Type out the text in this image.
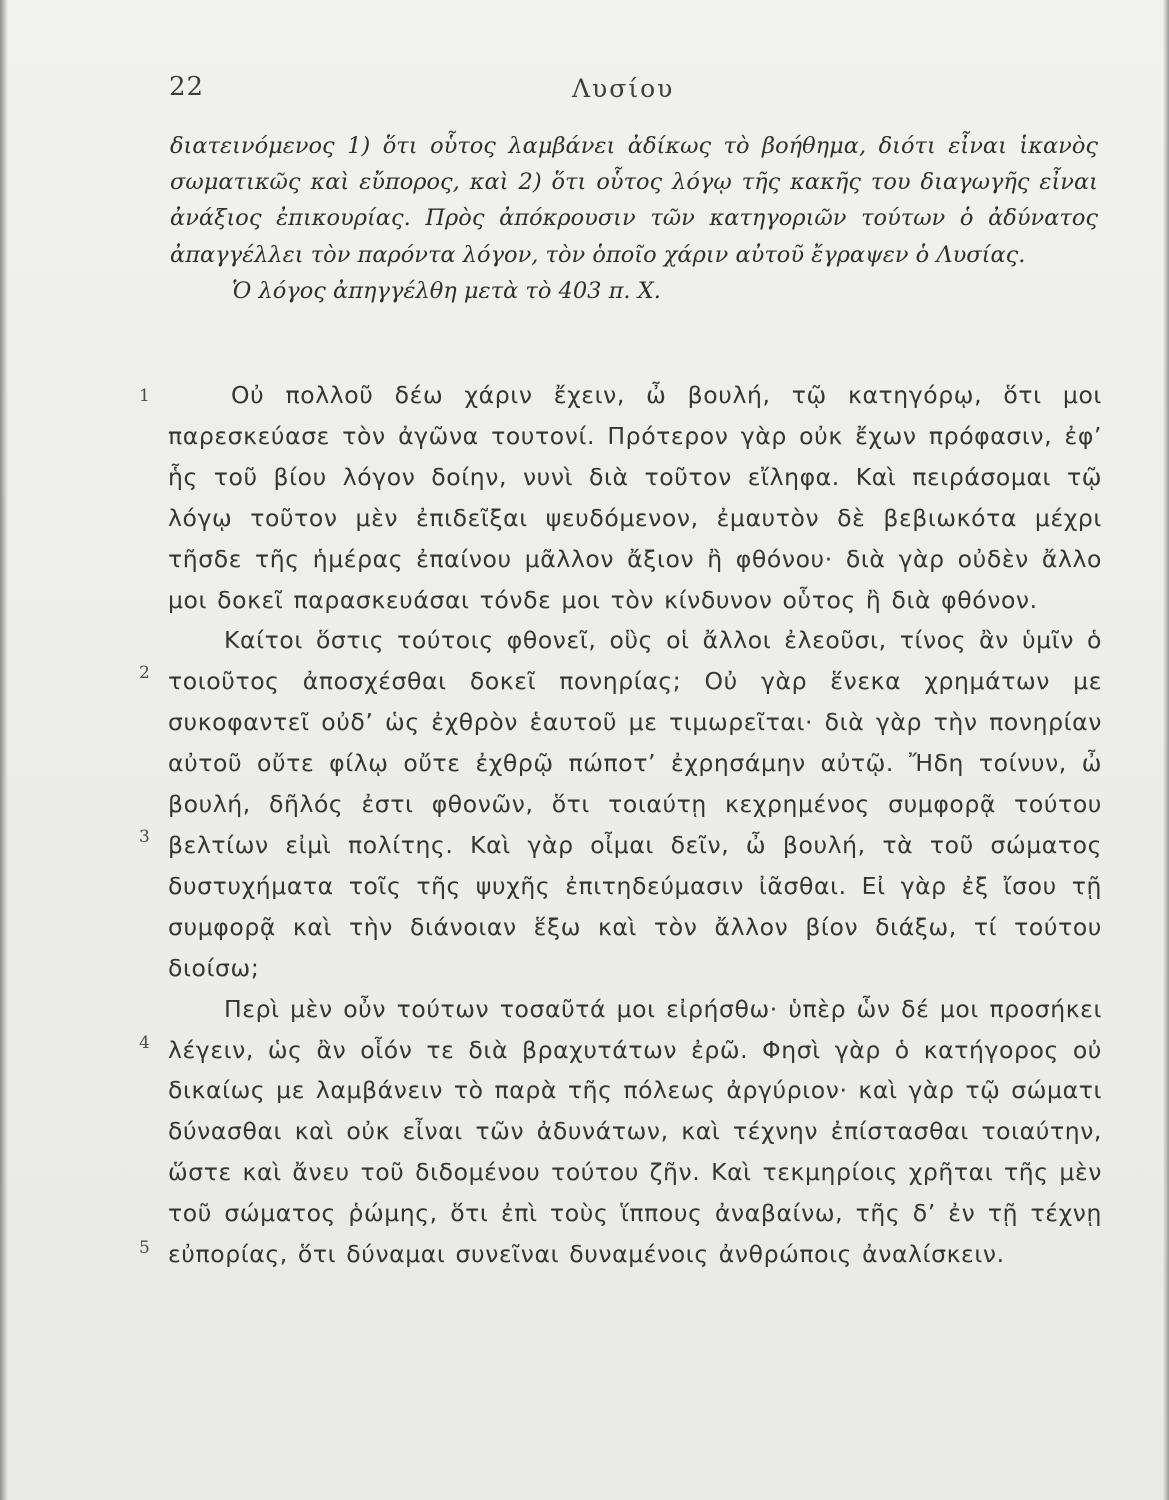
22	Λυσίου

διατεινόμενος 1) ὅτι οὗτος λαμβάνει ἀδίκως τὸ βοήθημα, διότι εἶναι ἱκανὸς σωματικῶς καὶ εὔπορος, καὶ 2) ὅτι οὗτος λόγῳ τῆς κακῆς του διαγωγῆς εἶναι ἀνάξιος ἐπικουρίας. Πρὸς ἀπόκρουσιν τῶν κατηγοριῶν τούτων ὁ ἀδύνατος ἀπαγγέλλει τὸν παρόντα λόγον, τὸν ὁποῖο χάριν αὐτοῦ ἔγραψεν ὁ Λυσίας.

Ὁ λόγος ἀπηγγέλθη μετὰ τὸ 403 π. Χ.

1
2
3
4
5

Οὐ πολλοῦ δέω χάριν ἔχειν, ὦ βουλή, τῷ κατηγόρῳ, ὅτι μοι παρεσκεύασε τὸν ἀγῶνα τουτονί. Πρότερον γὰρ οὐκ ἔχων πρόφασιν, ἐφ’ ἧς τοῦ βίου λόγον δοίην, νυνὶ διὰ τοῦτον εἴληφα. Καὶ πειράσομαι τῷ λόγῳ τοῦτον μὲν ἐπιδεῖξαι ψευδόμενον, ἐμαυτὸν δὲ βεβιωκότα μέχρι τῆσδε τῆς ἡμέρας ἐπαίνου μᾶλλον ἄξιον ἢ φθόνου· διὰ γὰρ οὐδὲν ἄλλο μοι δοκεῖ παρασκευάσαι τόνδε μοι τὸν κίνδυνον οὗτος ἢ διὰ φθόνον.

Καίτοι ὅστις τούτοις φθονεῖ, οὓς οἱ ἄλλοι ἐλεοῦσι, τίνος ἂν ὑμῖν ὁ τοιοῦτος ἀποσχέσθαι δοκεῖ πονηρίας; Οὐ γὰρ ἕνεκα χρημάτων με συκοφαντεῖ οὐδ’ ὡς ἐχθρὸν ἑαυτοῦ με τιμωρεῖται· διὰ γὰρ τὴν πονηρίαν αὐτοῦ οὔτε φίλῳ οὔτε ἐχθρῷ πώποτ’ ἐχρησάμην αὐτῷ. Ἤδη τοίνυν, ὦ βουλή, δῆλός ἐστι φθονῶν, ὅτι τοιαύτῃ κεχρημένος συμφορᾷ τούτου βελτίων εἰμὶ πολίτης. Καὶ γὰρ οἶμαι δεῖν, ὦ βουλή, τὰ τοῦ σώματος δυστυχήματα τοῖς τῆς ψυχῆς ἐπιτηδεύμασιν ἰᾶσθαι. Εἰ γὰρ ἐξ ἴσου τῇ συμφορᾷ καὶ τὴν διάνοιαν ἕξω καὶ τὸν ἄλλον βίον διάξω, τί τούτου διοίσω;

Περὶ μὲν οὖν τούτων τοσαῦτά μοι εἰρήσθω· ὑπὲρ ὧν δέ μοι προσήκει λέγειν, ὡς ἂν οἷόν τε διὰ βραχυτάτων ἐρῶ. Φησὶ γὰρ ὁ κατήγορος οὐ δικαίως με λαμβάνειν τὸ παρὰ τῆς πόλεως ἀργύριον· καὶ γὰρ τῷ σώματι δύνασθαι καὶ οὐκ εἶναι τῶν ἀδυνάτων, καὶ τέχνην ἐπίστασθαι τοιαύτην, ὥστε καὶ ἄνευ τοῦ διδομένου τούτου ζῆν. Καὶ τεκμηρίοις χρῆται τῆς μὲν τοῦ σώματος ῥώμης, ὅτι ἐπὶ τοὺς ἵππους ἀναβαίνω, τῆς δ’ ἐν τῇ τέχνῃ εὐπορίας, ὅτι δύναμαι συνεῖναι δυναμένοις ἀνθρώποις ἀναλίσκειν.
